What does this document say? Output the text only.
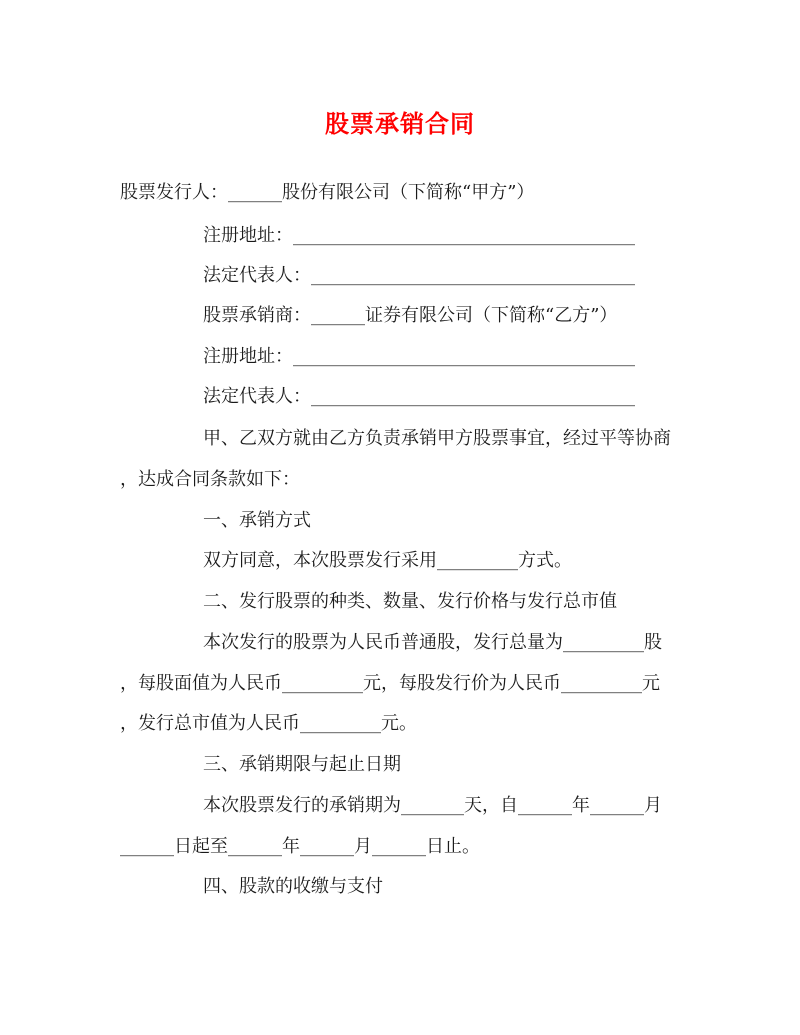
股票承销合同
股票发行人：______股份有限公司（下简称“甲方”）
注册地址：______________________________________
法定代表人：____________________________________
股票承销商：______证券有限公司（下简称“乙方”）
注册地址：______________________________________
法定代表人：____________________________________
甲、乙双方就由乙方负责承销甲方股票事宜，经过平等协商
，达成合同条款如下：
一、承销方式
双方同意，本次股票发行采用_________方式。
二、发行股票的种类、数量、发行价格与发行总市值
本次发行的股票为人民币普通股，发行总量为_________股
，每股面值为人民币_________元，每股发行价为人民币_________元
，发行总市值为人民币_________元。
三、承销期限与起止日期
本次股票发行的承销期为_______天，自______年______月
______日起至______年______月______日止。
四、股款的收缴与支付
